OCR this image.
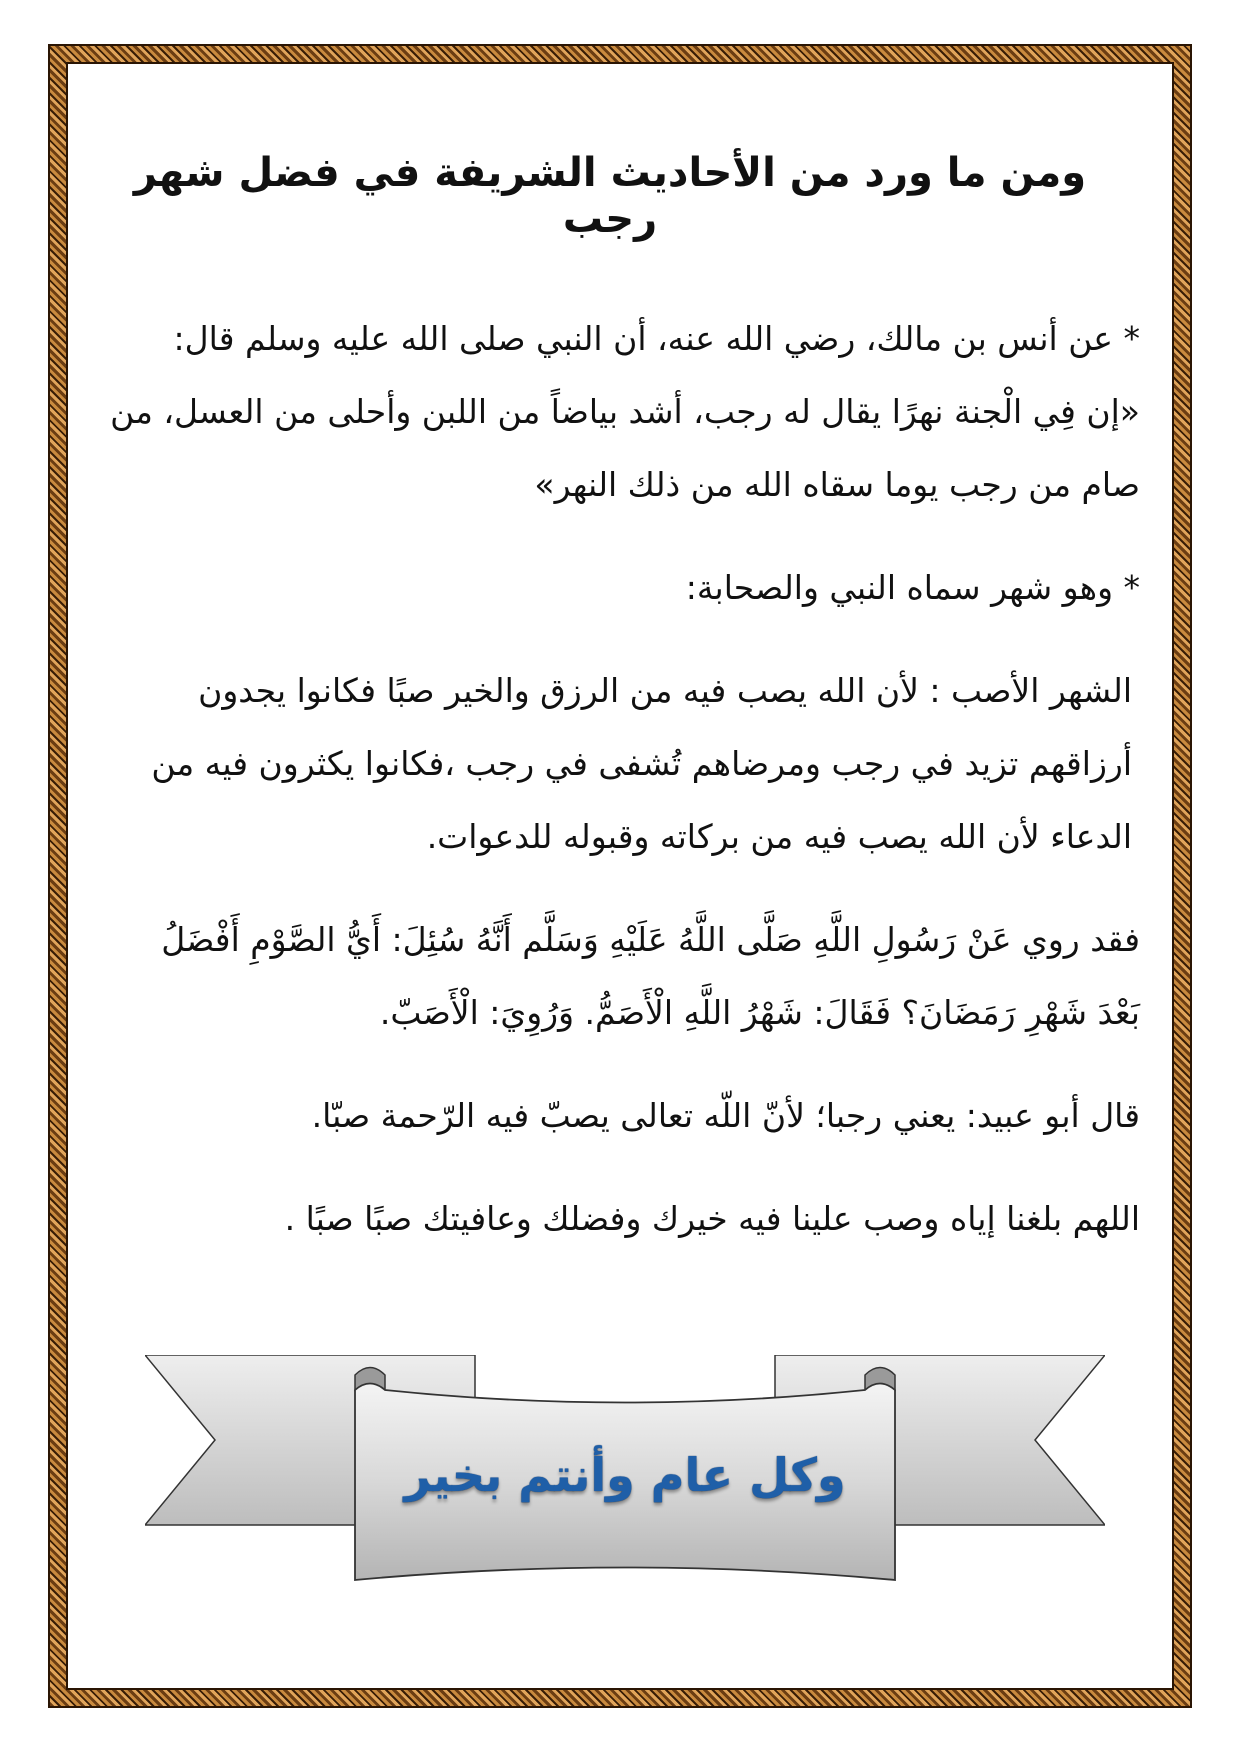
ومن ما ورد من الأحاديث الشريفة في فضل شهر رجب

* عن أنس بن مالك، رضي الله عنه، أن النبي صلى الله عليه وسلم قال: «إن فِي الْجنة نهرًا يقال له رجب، أشد بياضاً من اللبن وأحلى من العسل، من صام من رجب يوما سقاه الله من ذلك النهر»

* وهو شهر سماه النبي والصحابة:

الشهر الأصب : لأن الله يصب فيه من الرزق والخير صبًا فكانوا يجدون أرزاقهم تزيد في رجب ومرضاهم تُشفى في رجب ،فكانوا يكثرون فيه من الدعاء لأن الله يصب فيه من بركاته وقبوله للدعوات.

فقد روي عَنْ رَسُولِ اللَّهِ صَلَّى اللَّهُ عَلَيْهِ وَسَلَّم أَنَّهُ سُئِلَ: أَيُّ الصَّوْمِ أَفْضَلُ بَعْدَ شَهْرِ رَمَضَانَ؟ فَقَالَ: شَهْرُ اللَّهِ الْأَصَمُّ. وَرُوِيَ: الْأَصَبّ.

قال أبو عبيد: يعني رجبا؛ لأنّ اللّه تعالى يصبّ فيه الرّحمة صبّا.

اللهم بلغنا إياه وصب علينا فيه خيرك وفضلك وعافيتك صبًا صبًا .

وكل عام وأنتم بخير
